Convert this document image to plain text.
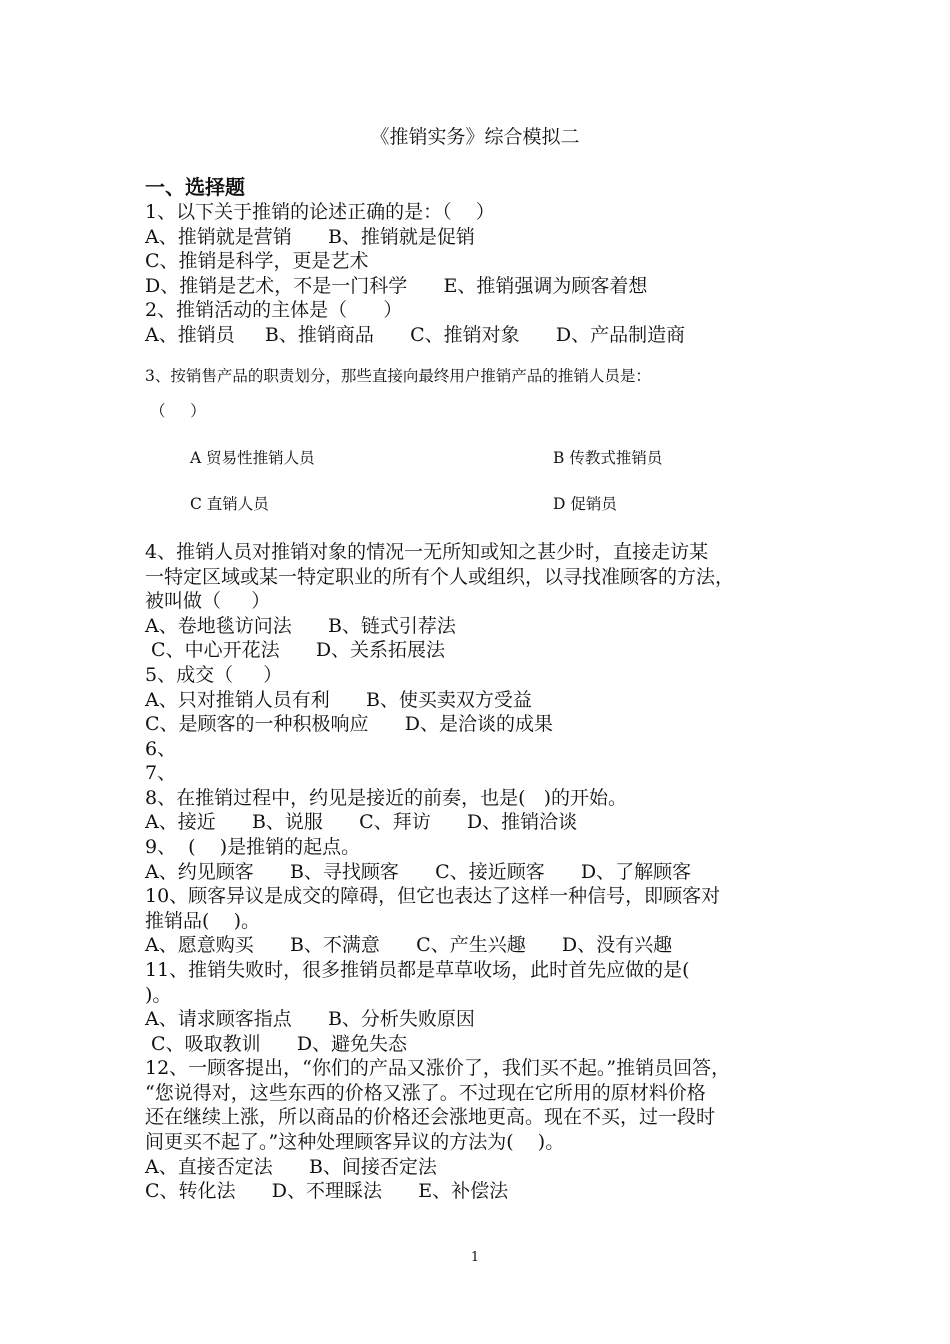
《推销实务》综合模拟二
一、选择题
1、以下关于推销的论述正确的是：（    ）
A、推销就是营销      B、推销就是促销
C、推销是科学，更是艺术
D、推销是艺术，不是一门科学      E、推销强调为顾客着想
2、推销活动的主体是（      ）
A、推销员     B、推销商品      C、推销对象      D、产品制造商
3、按销售产品的职责划分，那些直接向最终用户推销产品的推销人员是：
（     ）
A 贸易性推销人员	B 传教式推销员
C 直销人员	D 促销员
4、推销人员对推销对象的情况一无所知或知之甚少时，直接走访某
一特定区域或某一特定职业的所有个人或组织，以寻找准顾客的方法，
被叫做（     ）
A、卷地毯访问法      B、链式引荐法
C、中心开花法      D、关系拓展法
5、成交（     ）
A、只对推销人员有利      B、使买卖双方受益
C、是顾客的一种积极响应      D、是洽谈的成果
6、
7、
8、在推销过程中，约见是接近的前奏，也是(   )的开始。
A、接近      B、说服      C、拜访      D、推销洽谈
9、  (    )是推销的起点。
A、约见顾客      B、寻找顾客      C、接近顾客      D、了解顾客
10、顾客异议是成交的障碍，但它也表达了这样一种信号，即顾客对
推销品(    )。
A、愿意购买      B、不满意      C、产生兴趣      D、没有兴趣
11、推销失败时，很多推销员都是草草收场，此时首先应做的是(
)。
A、请求顾客指点      B、分析失败原因
C、吸取教训      D、避免失态
12、一顾客提出，“你们的产品又涨价了，我们买不起。”推销员回答，
“您说得对，这些东西的价格又涨了。不过现在它所用的原材料价格
还在继续上涨，所以商品的价格还会涨地更高。现在不买，过一段时
间更买不起了。”这种处理顾客异议的方法为(    )。
A、直接否定法      B、间接否定法
C、转化法      D、不理睬法      E、补偿法
1
